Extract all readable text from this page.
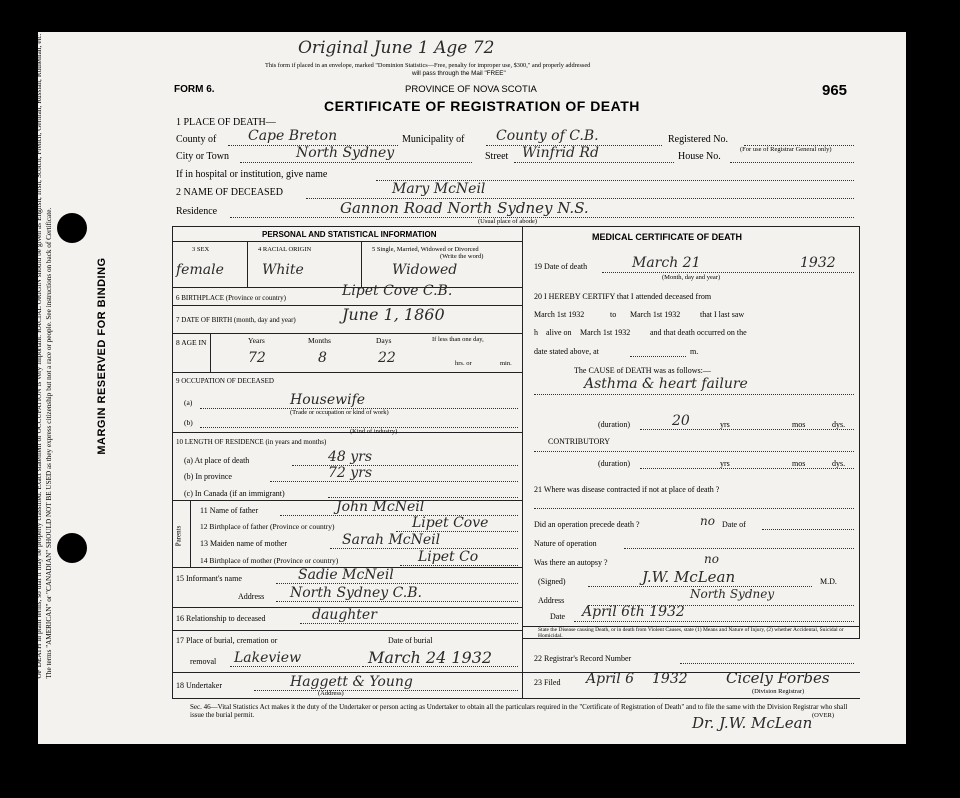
N.B.—WRITE PLAINLY WITH UNFADING INK—THIS IS A PERMANENT RECORD. Every item of information should be carefully supplied. AGE should be stated EXACTLY. PHYSICIANS should STATE CAUSE OF DEATH in plain terms, so that it may be properly classified. Exact statement of OCCUPATION is very important. RACIAL ORIGIN should be given as English, Irish, Scotch, French, German, Russian, Ruthenian, etc. The terms "AMERICAN" or "CANADIAN" SHOULD NOT BE USED as they express citizenship but not a race or people. See instructions on back of Certificate.	MARGIN RESERVED FOR BINDING
Original June 1 Age 72
This form if placed in an envelope, marked "Dominion Statistics—Free, penalty for improper use, $300," and properly addressed
will pass through the Mail "FREE"
FORM 6.	PROVINCE OF NOVA SCOTIA	965
CERTIFICATE OF REGISTRATION OF DEATH
1 PLACE OF DEATH—
County of Cape Breton	Municipality of County of C.B.	Registered No.
(For use of Registrar General only)
City or Town	North Sydney	Street Winfrid Rd	House No.
If in hospital or institution, give name
2 NAME OF DECEASED	Mary McNeil
Residence	Gannon Road North Sydney N.S.
(Usual place of abode)
PERSONAL AND STATISTICAL INFORMATION
3 SEX
female
4 RACIAL ORIGIN
White
5 Single, Married, Widowed or Divorced
(Write the word)
Widowed
6 BIRTHPLACE (Province or country)	Lipet Cove C.B.
7 DATE OF BIRTH (month, day and year)	June 1, 1860
8 AGE IN	Years	Months	Days	If less than one day,
hrs. or	min.
72	8	22
9 OCCUPATION OF DECEASED
(a)	Housewife
(Trade or occupation or kind of work)
(b)
(Kind of industry)
10 LENGTH OF RESIDENCE (in years and months)
(a) At place of death	48 yrs
(b) In province	72 yrs
(c) In Canada (if an immigrant)
Parents
11 Name of father	John McNeil
12 Birthplace of father (Province or country)	Lipet Cove
13 Maiden name of mother	Sarah McNeil
14 Birthplace of mother (Province or country)	Lipet Co
15 Informant's name	Sadie McNeil
Address North Sydney C.B.
16 Relationship to deceased	daughter
17 Place of burial, cremation or	Date of burial
removal Lakeview	March 24 1932
18 Undertaker	Haggett & Young
(Address)
MEDICAL CERTIFICATE OF DEATH
19 Date of death	March 21	1932
(Month, day and year)
20 I HEREBY CERTIFY that I attended deceased from
March 1st 1932	to March 1st 1932 that I last saw
h alive on March 1st 1932 and that death occurred on the
date stated above, at	m.
The CAUSE of DEATH was as follows:—
Asthma & heart failure
(duration)	20	yrs	mos	dys.
CONTRIBUTORY
(duration)	yrs	mos	dys.
21 Where was disease contracted if not at place of death ?
Did an operation precede death ?	no Date of
Nature of operation
Was there an autopsy ?	no
(Signed)	J.W. McLean	M.D.
Address	North Sydney
Date April 6th 1932
State the Disease causing Death, or in death from Violent Causes, state (1) Means and Nature of Injury, (2) whether Accidental, Suicidal or Homicidal.
22 Registrar's Record Number
23 Filed April 6 1932	Cicely Forbes
(Division Registrar)
Sec. 46—Vital Statistics Act makes it the duty of the Undertaker or person acting as Undertaker to obtain all the particulars required in the "Certificate of Registration of Death" and to file the same with the Division Registrar who shall issue the burial permit.	(OVER)
Dr. J.W. McLean
